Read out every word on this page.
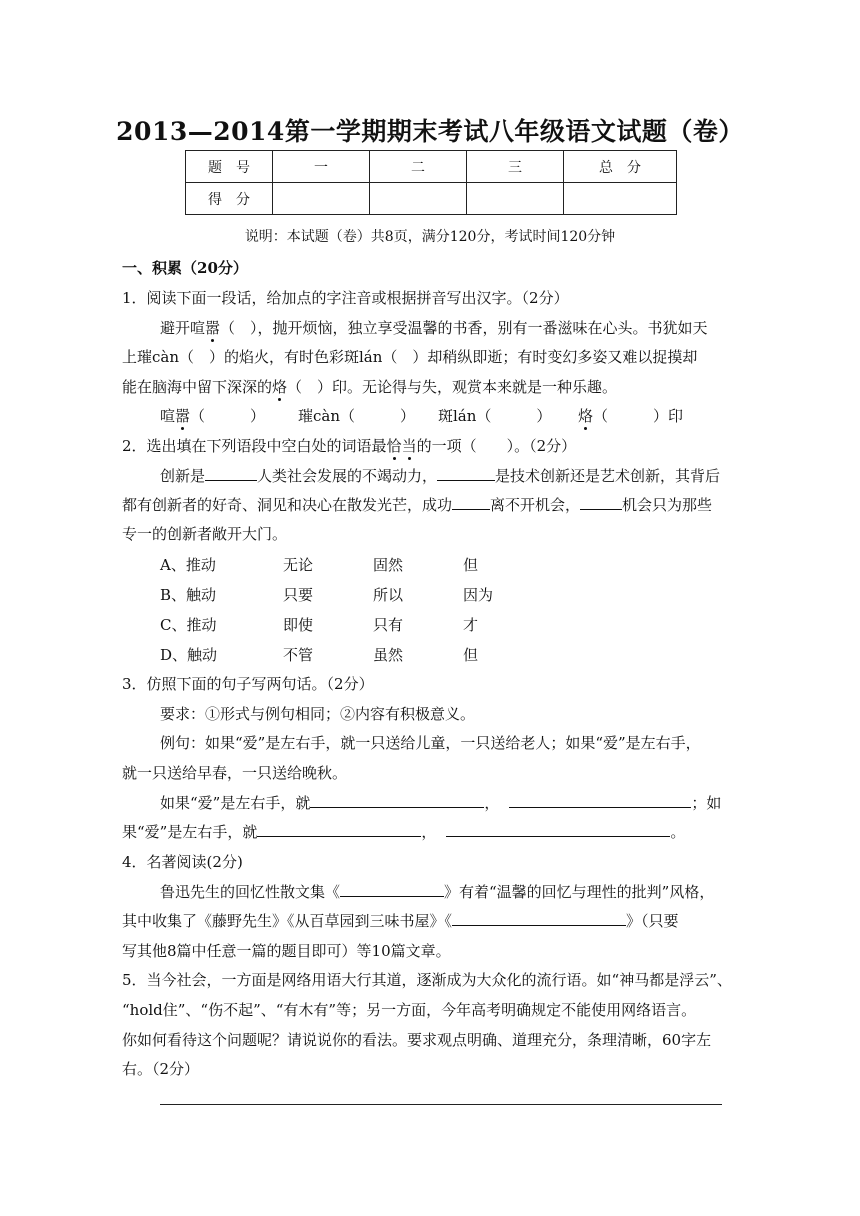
2013—2014第一学期期末考试八年级语文试题（卷）
题　号	一	二	三	总　分
得　分				
说明：本试题（卷）共8页，满分120分，考试时间120分钟
一、积累（20分）
1．阅读下面一段话，给加点的字注音或根据拼音写出汉字。（2分）
避开喧嚣（　），抛开烦恼，独立享受温馨的书香，别有一番滋味在心头。书犹如天
上璀càn（　）的焰火，有时色彩斑lán（　）却稍纵即逝；有时变幻多姿又难以捉摸却
能在脑海中留下深深的烙（　）印。无论得与失，观赏本来就是一种乐趣。
喧嚣（　　　） 璀càn（　　　） 斑lán（　　　） 烙（　　　）印
2．选出填在下列语段中空白处的词语最恰当的一项（　　）。（2分）
创新是	人类社会发展的不竭动力，	是技术创新还是艺术创新，其背后
都有创新者的好奇、洞见和决心在散发光芒，成功	离不开机会，	机会只为那些
专一的创新者敞开大门。
A、推动	无论	固然	但
B、触动	只要	所以	因为
C、推动	即使	只有	才
D、触动	不管	虽然	但
3．仿照下面的句子写两句话。（2分）
要求：①形式与例句相同；②内容有积极意义。
例句：如果“爱”是左右手，就一只送给儿童，一只送给老人；如果“爱”是左右手，
就一只送给早春，一只送给晚秋。
如果“爱”是左右手，就	，	；如
果“爱”是左右手，就	，	。
4．名著阅读(2分)
鲁迅先生的回忆性散文集《	》有着“温馨的回忆与理性的批判”风格，
其中收集了《藤野先生》《从百草园到三味书屋》《	》（只要
写其他8篇中任意一篇的题目即可）等10篇文章。
5．当今社会，一方面是网络用语大行其道，逐渐成为大众化的流行语。如“神马都是浮云”、
“hold住”、“伤不起”、“有木有”等；另一方面，今年高考明确规定不能使用网络语言。
你如何看待这个问题呢？请说说你的看法。要求观点明确、道理充分，条理清晰，60字左
右。（2分）
